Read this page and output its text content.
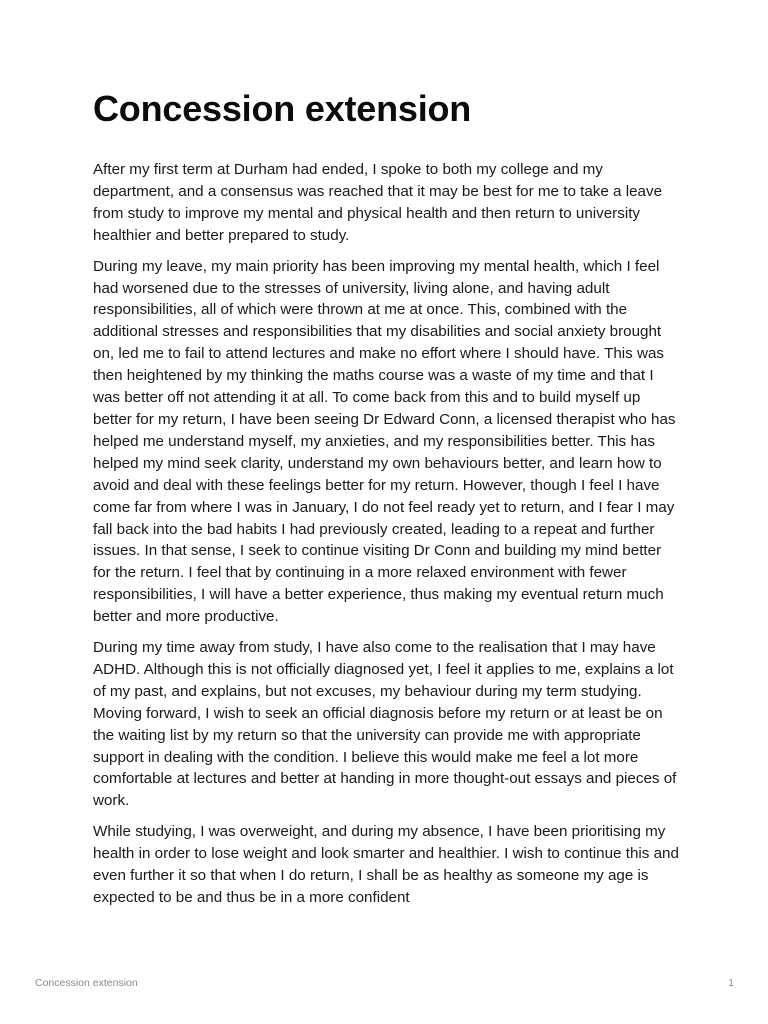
Concession extension

After my first term at Durham had ended, I spoke to both my college and my department, and a consensus was reached that it may be best for me to take a leave from study to improve my mental and physical health and then return to university healthier and better prepared to study.

During my leave, my main priority has been improving my mental health, which I feel had worsened due to the stresses of university, living alone, and having adult responsibilities, all of which were thrown at me at once. This, combined with the additional stresses and responsibilities that my disabilities and social anxiety brought on, led me to fail to attend lectures and make no effort where I should have. This was then heightened by my thinking the maths course was a waste of my time and that I was better off not attending it at all. To come back from this and to build myself up better for my return, I have been seeing Dr Edward Conn, a licensed therapist who has helped me understand myself, my anxieties, and my responsibilities better. This has helped my mind seek clarity, understand my own behaviours better, and learn how to avoid and deal with these feelings better for my return. However, though I feel I have come far from where I was in January, I do not feel ready yet to return, and I fear I may fall back into the bad habits I had previously created, leading to a repeat and further issues. In that sense, I seek to continue visiting Dr Conn and building my mind better for the return. I feel that by continuing in a more relaxed environment with fewer responsibilities, I will have a better experience, thus making my eventual return much better and more productive.

During my time away from study, I have also come to the realisation that I may have ADHD. Although this is not officially diagnosed yet, I feel it applies to me, explains a lot of my past, and explains, but not excuses, my behaviour during my term studying. Moving forward, I wish to seek an official diagnosis before my return or at least be on the waiting list by my return so that the university can provide me with appropriate support in dealing with the condition. I believe this would make me feel a lot more comfortable at lectures and better at handing in more thought-out essays and pieces of work.

While studying, I was overweight, and during my absence, I have been prioritising my health in order to lose weight and look smarter and healthier. I wish to continue this and even further it so that when I do return, I shall be as healthy as someone my age is expected to be and thus be in a more confident

Concession extension	1
